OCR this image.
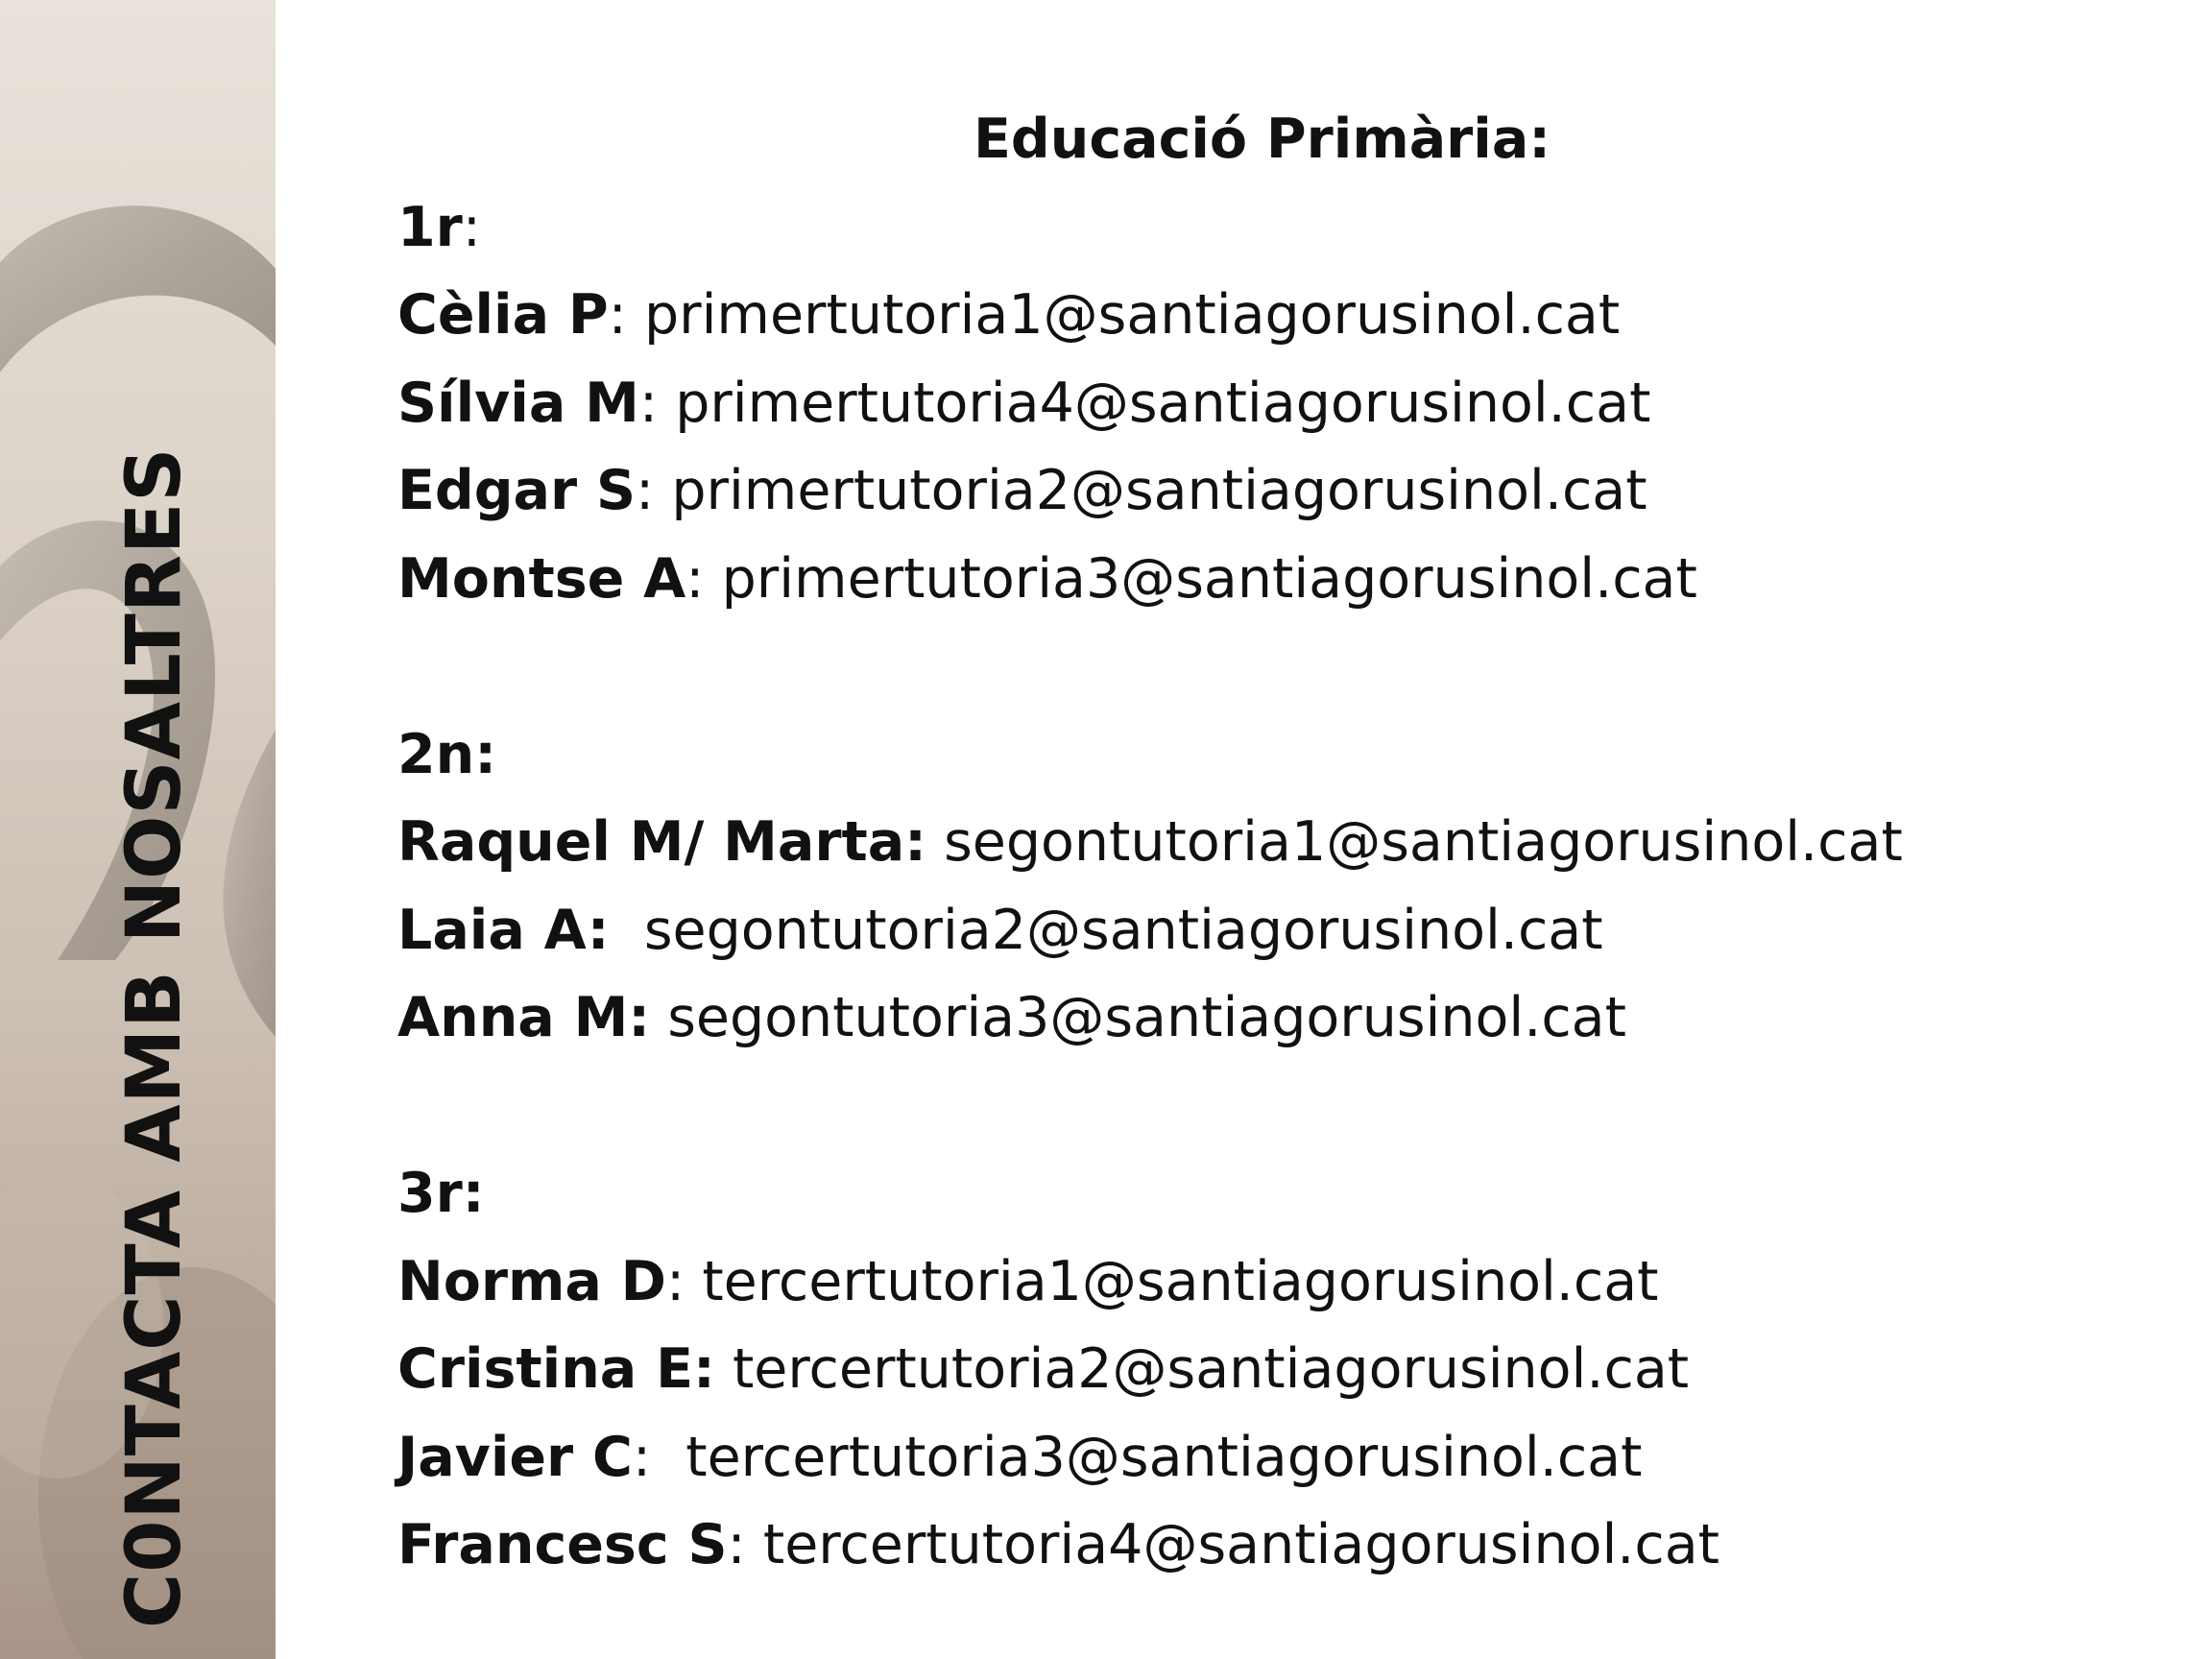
C0NTACTA AMB NOSALTRES
Educació Primària:
1r:
Cèlia P: primertutoria1@santiagorusinol.cat
Sílvia M: primertutoria4@santiagorusinol.cat
Edgar S: primertutoria2@santiagorusinol.cat
Montse A: primertutoria3@santiagorusinol.cat
2n:
Raquel M/ Marta: segontutoria1@santiagorusinol.cat
Laia A: segontutoria2@santiagorusinol.cat
Anna M: segontutoria3@santiagorusinol.cat
3r:
Norma D: tercertutoria1@santiagorusinol.cat
Cristina E: tercertutoria2@santiagorusinol.cat
Javier C:  tercertutoria3@santiagorusinol.cat
Francesc S: tercertutoria4@santiagorusinol.cat
